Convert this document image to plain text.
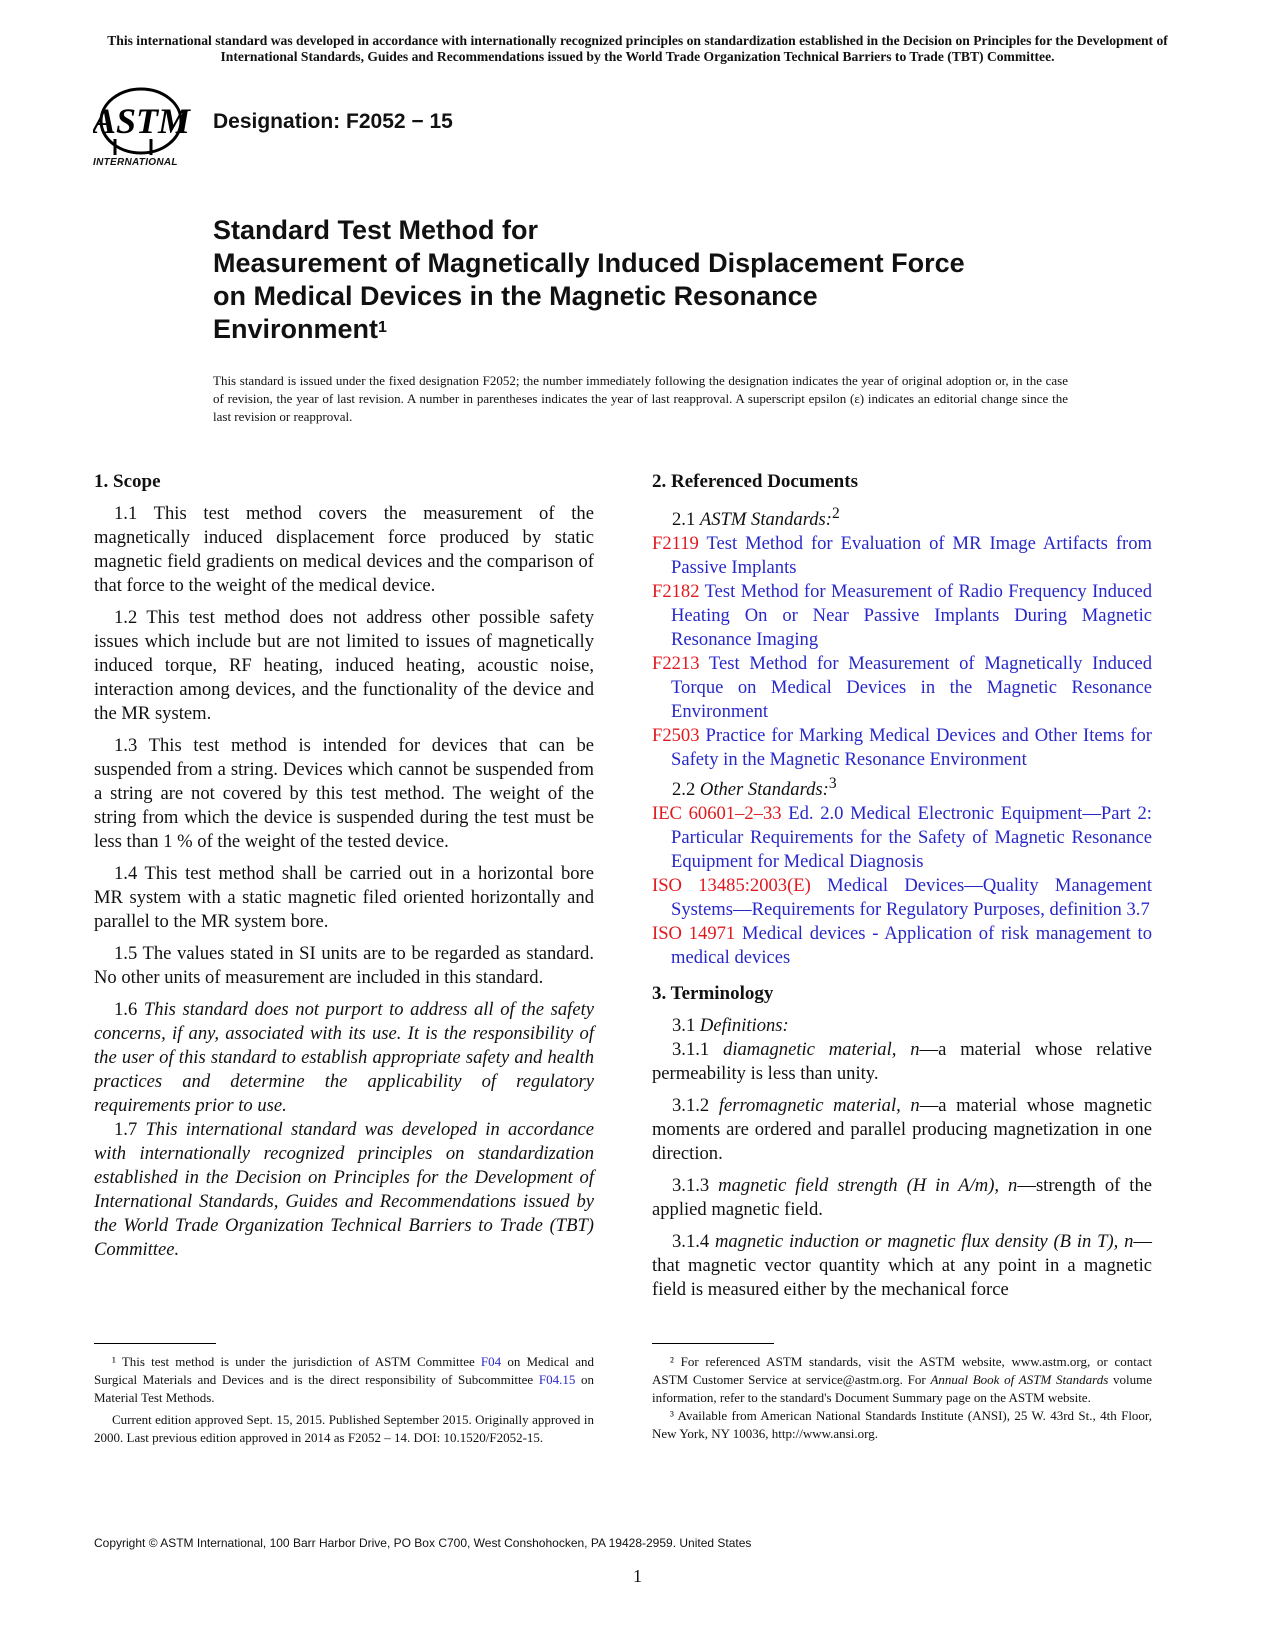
This international standard was developed in accordance with internationally recognized principles on standardization established in the Decision on Principles for the Development of International Standards, Guides and Recommendations issued by the World Trade Organization Technical Barriers to Trade (TBT) Committee.
ASTM
INTERNATIONAL
Designation: F2052 − 15
Standard Test Method for
Measurement of Magnetically Induced Displacement Force
on Medical Devices in the Magnetic Resonance
Environment$^1$
This standard is issued under the fixed designation F2052; the number immediately following the designation indicates the year of original adoption or, in the case of revision, the year of last revision. A number in parentheses indicates the year of last reapproval. A superscript epsilon (ε) indicates an editorial change since the last revision or reapproval.
1. Scope

1.1 This test method covers the measurement of the magnetically induced displacement force produced by static magnetic field gradients on medical devices and the comparison of that force to the weight of the medical device.

1.2 This test method does not address other possible safety issues which include but are not limited to issues of magnetically induced torque, RF heating, induced heating, acoustic noise, interaction among devices, and the functionality of the device and the MR system.

1.3 This test method is intended for devices that can be suspended from a string. Devices which cannot be suspended from a string are not covered by this test method. The weight of the string from which the device is suspended during the test must be less than 1 % of the weight of the tested device.

1.4 This test method shall be carried out in a horizontal bore MR system with a static magnetic filed oriented horizontally and parallel to the MR system bore.

1.5 The values stated in SI units are to be regarded as standard. No other units of measurement are included in this standard.

1.6 This standard does not purport to address all of the safety concerns, if any, associated with its use. It is the responsibility of the user of this standard to establish appropriate safety and health practices and determine the applicability of regulatory requirements prior to use.

1.7 This international standard was developed in accordance with internationally recognized principles on standardization established in the Decision on Principles for the Development of International Standards, Guides and Recommendations issued by the World Trade Organization Technical Barriers to Trade (TBT) Committee.

2. Referenced Documents

2.1 ASTM Standards:$^2$

F2119 Test Method for Evaluation of MR Image Artifacts from Passive Implants

F2182 Test Method for Measurement of Radio Frequency Induced Heating On or Near Passive Implants During Magnetic Resonance Imaging

F2213 Test Method for Measurement of Magnetically Induced Torque on Medical Devices in the Magnetic Resonance Environment

F2503 Practice for Marking Medical Devices and Other Items for Safety in the Magnetic Resonance Environment

2.2 Other Standards:$^3$

IEC 60601–2–33 Ed. 2.0 Medical Electronic Equipment—Part 2: Particular Requirements for the Safety of Magnetic Resonance Equipment for Medical Diagnosis

ISO 13485:2003(E) Medical Devices—Quality Management Systems—Requirements for Regulatory Purposes, definition 3.7

ISO 14971 Medical devices - Application of risk management to medical devices

3. Terminology

3.1 Definitions:

3.1.1 diamagnetic material, n—a material whose relative permeability is less than unity.

3.1.2 ferromagnetic material, n—a material whose magnetic moments are ordered and parallel producing magnetization in one direction.

3.1.3 magnetic field strength (H in A/m), n—strength of the applied magnetic field.

3.1.4 magnetic induction or magnetic flux density (B in T), n—that magnetic vector quantity which at any point in a magnetic field is measured either by the mechanical force

¹ This test method is under the jurisdiction of ASTM Committee F04 on Medical and Surgical Materials and Devices and is the direct responsibility of Subcommittee F04.15 on Material Test Methods.

Current edition approved Sept. 15, 2015. Published September 2015. Originally approved in 2000. Last previous edition approved in 2014 as F2052 – 14. DOI: 10.1520/F2052-15.

² For referenced ASTM standards, visit the ASTM website, www.astm.org, or contact ASTM Customer Service at service@astm.org. For Annual Book of ASTM Standards volume information, refer to the standard's Document Summary page on the ASTM website.

³ Available from American National Standards Institute (ANSI), 25 W. 43rd St., 4th Floor, New York, NY 10036, http://www.ansi.org.

Copyright © ASTM International, 100 Barr Harbor Drive, PO Box C700, West Conshohocken, PA 19428-2959. United States
1
